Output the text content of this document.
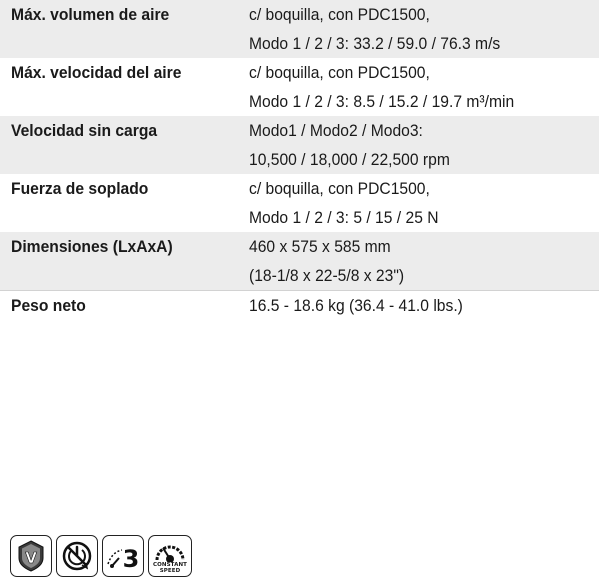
Máx. volumen de aire	c/ boquilla, con PDC1500,
Modo 1 / 2 / 3: 33.2 / 59.0 / 76.3 m/s
Máx. velocidad del aire	c/ boquilla, con PDC1500,
Modo 1 / 2 / 3: 8.5 / 15.2 / 19.7 m³/min
Velocidad sin carga	Modo1 / Modo2 / Modo3:
10,500 / 18,000 / 22,500 rpm
Fuerza de soplado	c/ boquilla, con PDC1500,
Modo 1 / 2 / 3: 5 / 15 / 25 N
Dimensiones (LxAxA)	460 x 575 x 585 mm
(18-1/8 x 22-5/8 x 23")
Peso neto	16.5 - 18.6 kg (36.4 - 41.0 lbs.)
V	3 CONSTANT
SPEED
